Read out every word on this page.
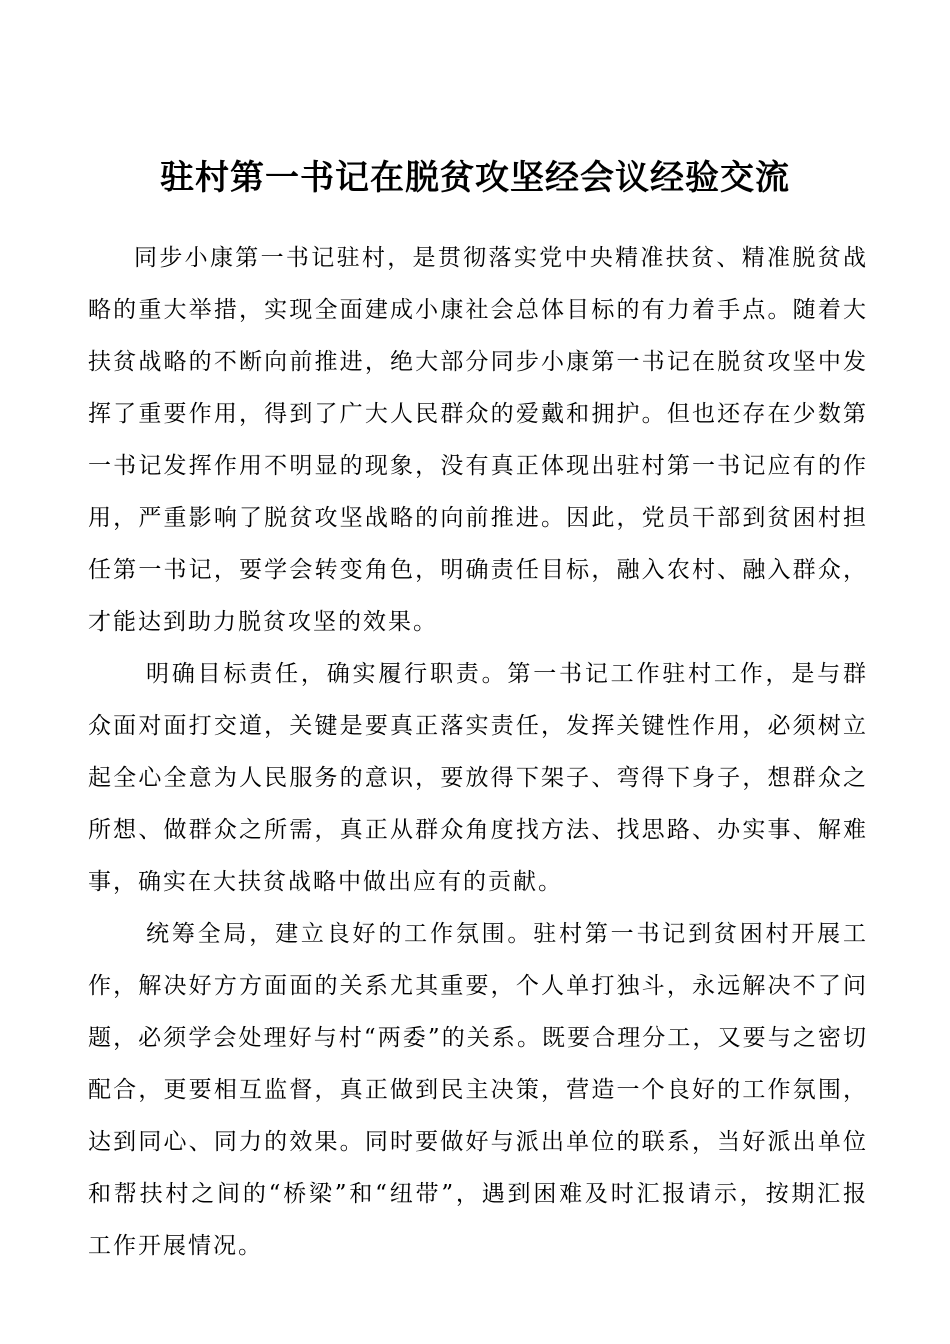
驻村第一书记在脱贫攻坚经会议经验交流

同步小康第一书记驻村，是贯彻落实党中央精准扶贫、精准脱贫战略的重大举措，实现全面建成小康社会总体目标的有力着手点。随着大扶贫战略的不断向前推进，绝大部分同步小康第一书记在脱贫攻坚中发挥了重要作用，得到了广大人民群众的爱戴和拥护。但也还存在少数第一书记发挥作用不明显的现象，没有真正体现出驻村第一书记应有的作用，严重影响了脱贫攻坚战略的向前推进。因此，党员干部到贫困村担任第一书记，要学会转变角色，明确责任目标，融入农村、融入群众，才能达到助力脱贫攻坚的效果。

明确目标责任，确实履行职责。第一书记工作驻村工作，是与群众面对面打交道，关键是要真正落实责任，发挥关键性作用，必须树立起全心全意为人民服务的意识，要放得下架子、弯得下身子，想群众之所想、做群众之所需，真正从群众角度找方法、找思路、办实事、解难事，确实在大扶贫战略中做出应有的贡献。

统筹全局，建立良好的工作氛围。驻村第一书记到贫困村开展工作，解决好方方面面的关系尤其重要，个人单打独斗，永远解决不了问题，必须学会处理好与村“两委”的关系。既要合理分工，又要与之密切配合，更要相互监督，真正做到民主决策，营造一个良好的工作氛围，达到同心、同力的效果。同时要做好与派出单位的联系，当好派出单位和帮扶村之间的“桥梁”和“纽带”，遇到困难及时汇报请示，按期汇报工作开展情况。
